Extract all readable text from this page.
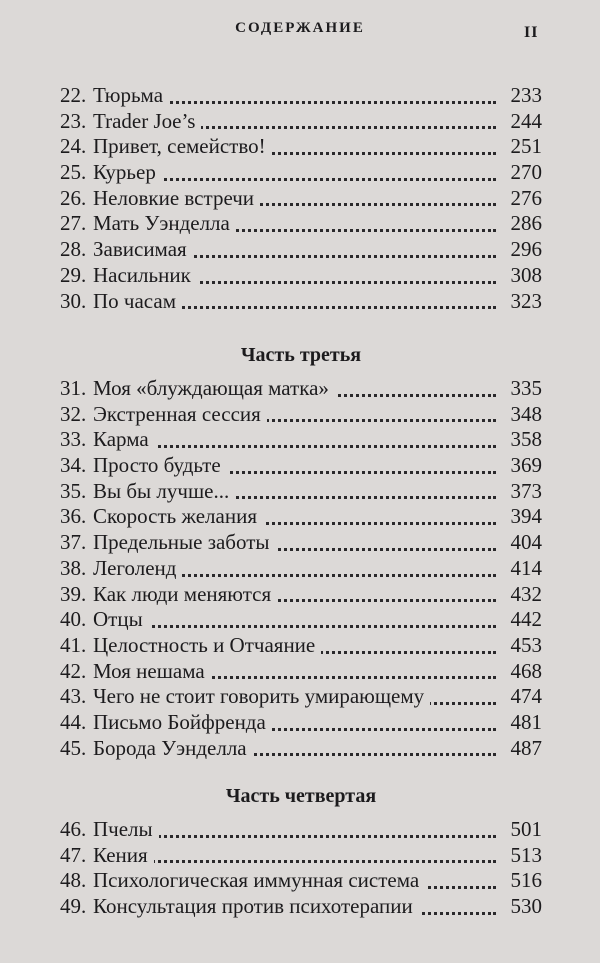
СОДЕРЖАНИЕ	II
22. Тюрьма	233
23. Trader Joe’s	244
24. Привет, семейство!	251
25. Курьер	270
26. Неловкие встречи	276
27. Мать Уэнделла	286
28. Зависимая	296
29. Насильник	308
30. По часам	323
Часть третья
31. Моя «блуждающая матка»	335
32. Экстренная сессия	348
33. Карма	358
34. Просто будьте	369
35. Вы бы лучше...	373
36. Скорость желания	394
37. Предельные заботы	404
38. Леголенд	414
39. Как люди меняются	432
40. Отцы	442
41. Целостность и Отчаяние	453
42. Моя нешама	468
43. Чего не стоит говорить умирающему	474
44. Письмо Бойфренда	481
45. Борода Уэнделла	487
Часть четвертая
46. Пчелы	501
47. Кения	513
48. Психологическая иммунная система	516
49. Консультация против психотерапии	530
